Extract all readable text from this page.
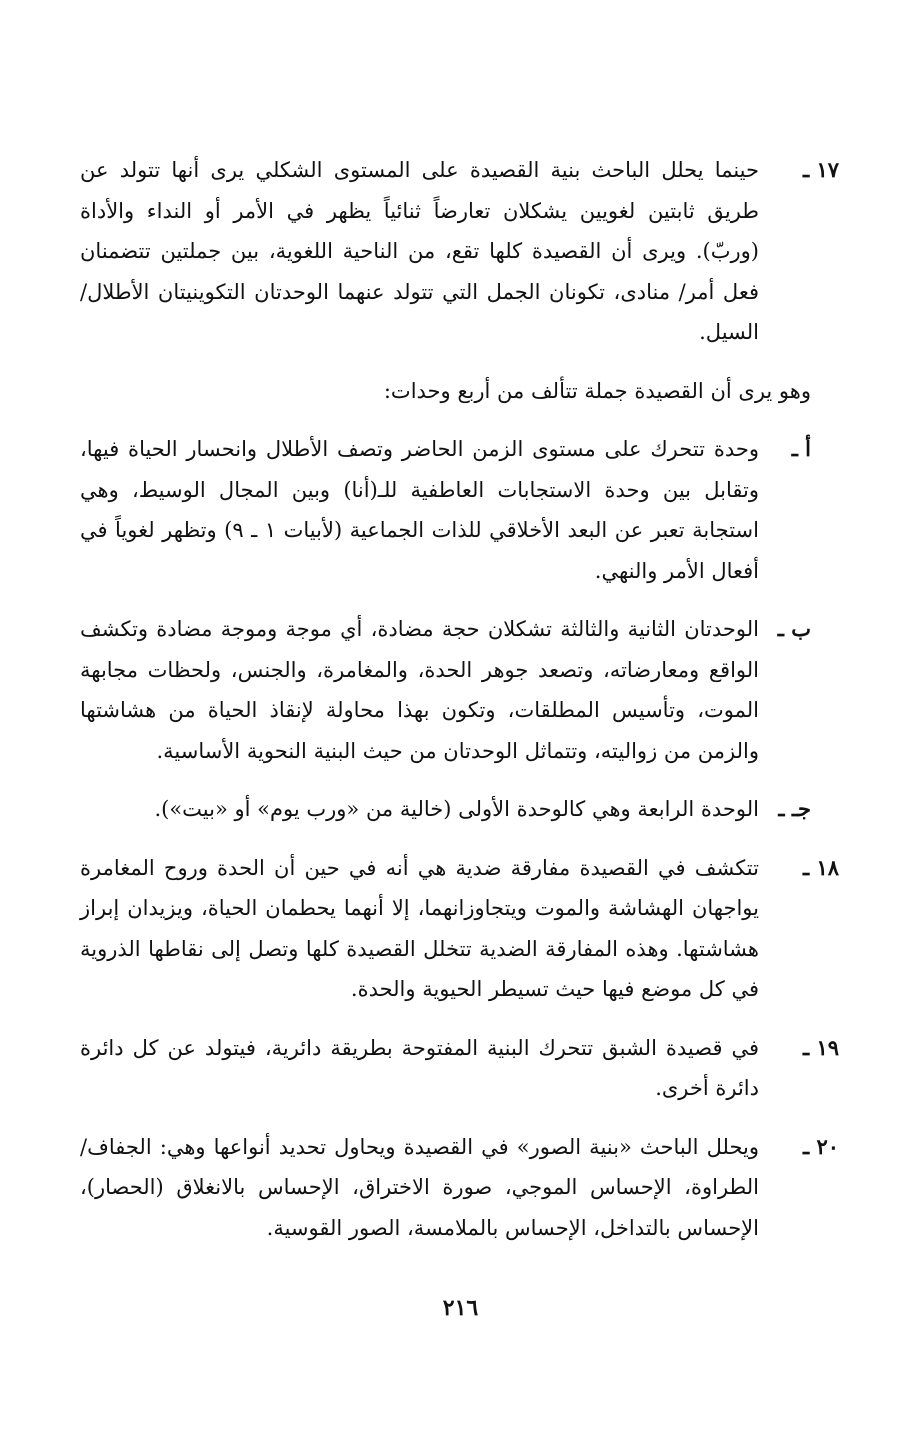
١٧ ـ
حينما يحلل الباحث بنية القصيدة على المستوى الشكلي يرى أنها تتولد عن طريق ثابتين لغويين يشكلان تعارضاً ثنائياً يظهر في الأمر أو النداء والأداة (وربّ). ويرى أن القصيدة كلها تقع، من الناحية اللغوية، بين جملتين تتضمنان فعل أمر/ منادى، تكونان الجمل التي تتولد عنهما الوحدتان التكوينيتان الأطلال/ السيل.
وهو يرى أن القصيدة جملة تتألف من أربع وحدات:
أ ـ
وحدة تتحرك على مستوى الزمن الحاضر وتصف الأطلال وانحسار الحياة فيها، وتقابل بين وحدة الاستجابات العاطفية للـ(أنا) وبين المجال الوسيط، وهي استجابة تعبر عن البعد الأخلاقي للذات الجماعية (لأبيات ١ ـ ٩) وتظهر لغوياً في أفعال الأمر والنهي.
ب ـ
الوحدتان الثانية والثالثة تشكلان حجة مضادة، أي موجة وموجة مضادة وتكشف الواقع ومعارضاته، وتصعد جوهر الحدة، والمغامرة، والجنس، ولحظات مجابهة الموت، وتأسيس المطلقات، وتكون بهذا محاولة لإنقاذ الحياة من هشاشتها والزمن من زواليته، وتتماثل الوحدتان من حيث البنية النحوية الأساسية.
جـ ـ
الوحدة الرابعة وهي كالوحدة الأولى (خالية من «ورب يوم» أو «بيت»).
١٨ ـ
تتكشف في القصيدة مفارقة ضدية هي أنه في حين أن الحدة وروح المغامرة يواجهان الهشاشة والموت ويتجاوزانهما، إلا أنهما يحطمان الحياة، ويزيدان إبراز هشاشتها. وهذه المفارقة الضدية تتخلل القصيدة كلها وتصل إلى نقاطها الذروية في كل موضع فيها حيث تسيطر الحيوية والحدة.
١٩ ـ
في قصيدة الشبق تتحرك البنية المفتوحة بطريقة دائرية، فيتولد عن كل دائرة دائرة أخرى.
٢٠ ـ
ويحلل الباحث «بنية الصور» في القصيدة ويحاول تحديد أنواعها وهي: الجفاف/ الطراوة، الإحساس الموجي، صورة الاختراق، الإحساس بالانغلاق (الحصار)، الإحساس بالتداخل، الإحساس بالملامسة، الصور القوسية.
٢١٦
